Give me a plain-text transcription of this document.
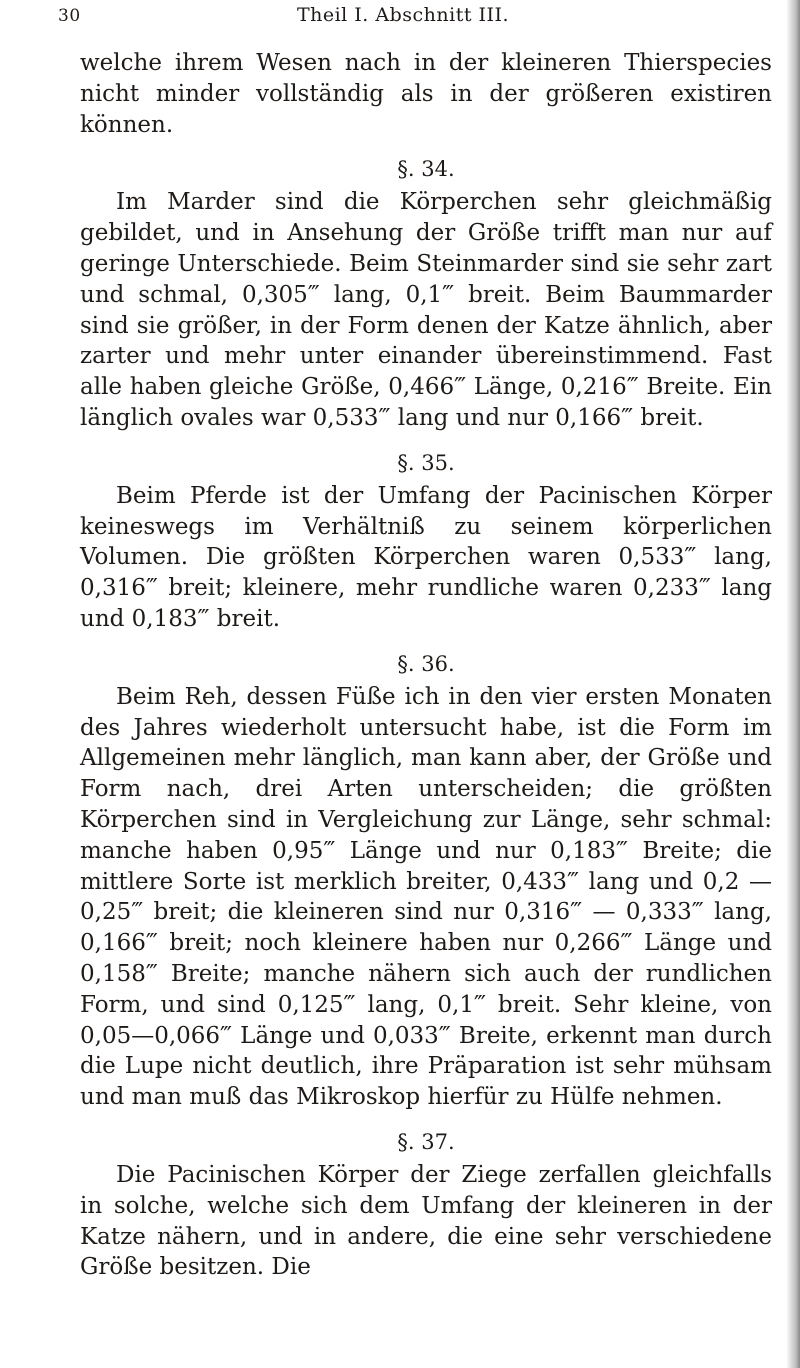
30	Theil I. Abschnitt III.

welche ihrem Wesen nach in der kleineren Thierspecies nicht minder vollständig als in der größeren existiren können.

§. 34.

Im Marder sind die Körperchen sehr gleichmäßig gebildet, und in Ansehung der Größe trifft man nur auf geringe Unterschiede. Beim Steinmarder sind sie sehr zart und schmal, 0,305‴ lang, 0,1‴ breit. Beim Baummarder sind sie größer, in der Form denen der Katze ähnlich, aber zarter und mehr unter einander übereinstimmend. Fast alle haben gleiche Größe, 0,466‴ Länge, 0,216‴ Breite. Ein länglich ovales war 0,533‴ lang und nur 0,166‴ breit.

§. 35.

Beim Pferde ist der Umfang der Pacinischen Körper keineswegs im Verhältniß zu seinem körperlichen Volumen. Die größten Körperchen waren 0,533‴ lang, 0,316‴ breit; kleinere, mehr rundliche waren 0,233‴ lang und 0,183‴ breit.

§. 36.

Beim Reh, dessen Füße ich in den vier ersten Monaten des Jahres wiederholt untersucht habe, ist die Form im Allgemeinen mehr länglich, man kann aber, der Größe und Form nach, drei Arten unterscheiden; die größten Körperchen sind in Vergleichung zur Länge, sehr schmal: manche haben 0,95‴ Länge und nur 0,183‴ Breite; die mittlere Sorte ist merklich breiter, 0,433‴ lang und 0,2 — 0,25‴ breit; die kleineren sind nur 0,316‴ — 0,333‴ lang, 0,166‴ breit; noch kleinere haben nur 0,266‴ Länge und 0,158‴ Breite; manche nähern sich auch der rundlichen Form, und sind 0,125‴ lang, 0,1‴ breit. Sehr kleine, von 0,05—0,066‴ Länge und 0,033‴ Breite, erkennt man durch die Lupe nicht deutlich, ihre Präparation ist sehr mühsam und man muß das Mikroskop hierfür zu Hülfe nehmen.

§. 37.

Die Pacinischen Körper der Ziege zerfallen gleichfalls in solche, welche sich dem Umfang der kleineren in der Katze nähern, und in andere, die eine sehr verschiedene Größe besitzen. Die
